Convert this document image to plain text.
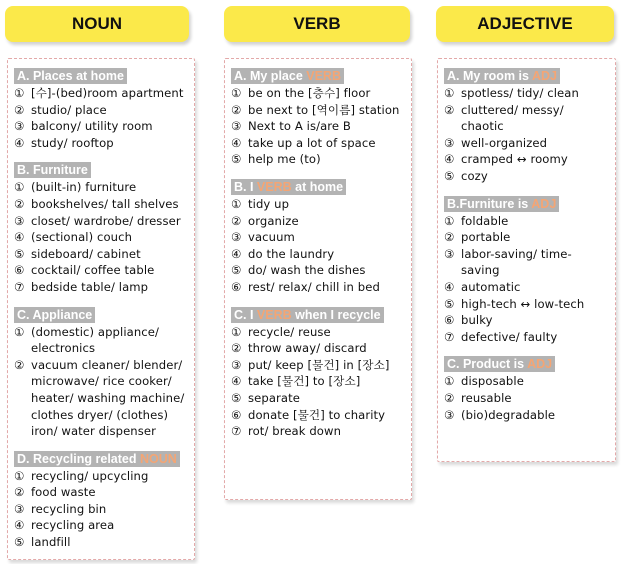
NOUN	VERB	ADJECTIVE
A. Places at home
① [수]-(bed)room apartment
② studio/ place
③ balcony/ utility room
④ study/ rooftop
B. Furniture
① (built-in) furniture
② bookshelves/ tall shelves
③ closet/ wardrobe/ dresser
④ (sectional) couch
⑤ sideboard/ cabinet
⑥ cocktail/ coffee table
⑦ bedside table/ lamp
C. Appliance
① (domestic) appliance/ electronics
② vacuum cleaner/ blender/ microwave/ rice cooker/ heater/ washing machine/ clothes dryer/ (clothes) iron/ water dispenser
D. Recycling related NOUN
① recycling/ upcycling
② food waste
③ recycling bin
④ recycling area
⑤ landfill
A. My place VERB
① be on the [층수] floor
② be next to [역이름] station
③ Next to A is/are B
④ take up a lot of space
⑤ help me (to)
B. I VERB at home
① tidy up
② organize
③ vacuum
④ do the laundry
⑤ do/ wash the dishes
⑥ rest/ relax/ chill in bed
C. I VERB when I recycle
① recycle/ reuse
② throw away/ discard
③ put/ keep [물건] in [장소]
④ take [물건] to [장소]
⑤ separate
⑥ donate [물건] to charity
⑦ rot/ break down
A. My room is ADJ
① spotless/ tidy/ clean
② cluttered/ messy/ chaotic
③ well-organized
④ cramped ↔ roomy
⑤ cozy
B.Furniture is ADJ
① foldable
② portable
③ labor-saving/ time-saving
④ automatic
⑤ high-tech ↔ low-tech
⑥ bulky
⑦ defective/ faulty
C. Product is ADJ
① disposable
② reusable
③ (bio)degradable
